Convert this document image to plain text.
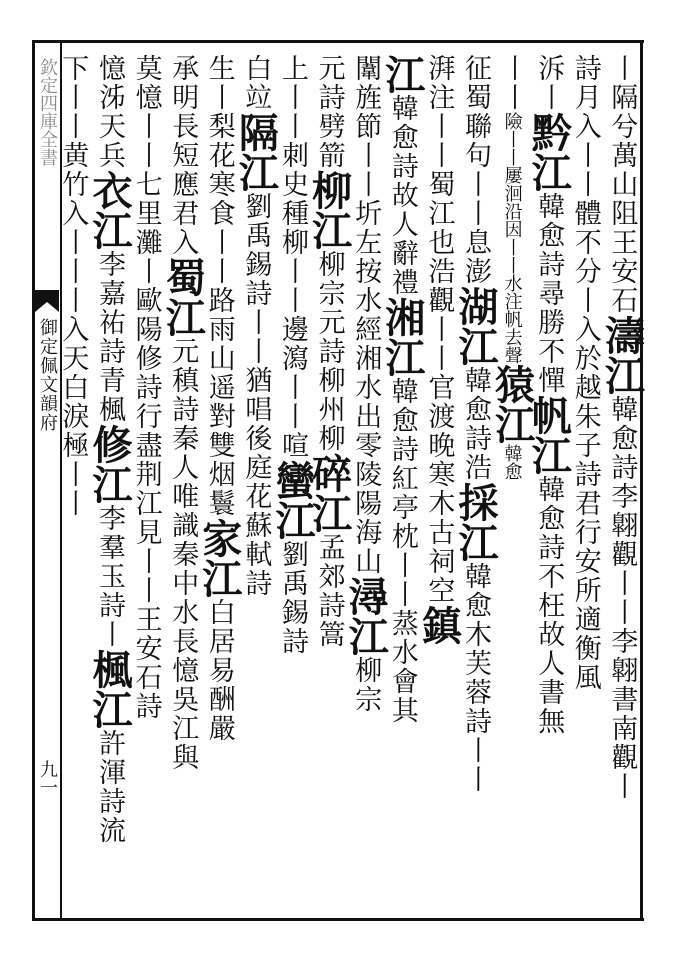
欽定四庫全書
御定佩文韻府
九一
丨隔兮萬山阻王安石濤江韓愈詩李翺觀丨丨李翺書南觀丨
詩月入丨丨體不分丨入於越朱子詩君行安所適衡風
泝丨黔江韓愈詩尋勝不憚帆江韓愈詩不枉故人書無
丨丨險丨丨屢洄沿因丨丨水注帆去聲猿江韓愈
征蜀聯句丨丨息澎湖江韓愈詩浩採江韓愈木芙蓉詩丨丨
湃注丨丨蜀江也浩觀丨丨官渡晚寒木古祠空鎮
江韓愈詩故人辭禮湘江韓愈詩紅亭枕丨丨蒸水會其
闈旌節丨丨圻左按水經湘水出零陵陽海山潯江柳宗
元詩劈箭柳江柳宗元詩柳州柳碎江孟郊詩篙
上丨丨刺史種柳丨丨邊瀉丨丨喧蠻江劉禹錫詩
白竝隔江劉禹錫詩丨丨猶唱後庭花蘇軾詩
生丨梨花寒食丨丨路雨山遥對雙烟鬟家江白居易酬嚴
承明長短應君入蜀江元稹詩秦人唯識秦中水長憶吳江與
莫憶丨丨七里灘丨歐陽修詩行盡荆江見丨丨王安石詩
憶泲天兵衣江李嘉祐詩青楓修江李羣玉詩丨楓江許渾詩流
下丨丨黄竹入丨丨丨入天白淚極丨丨
